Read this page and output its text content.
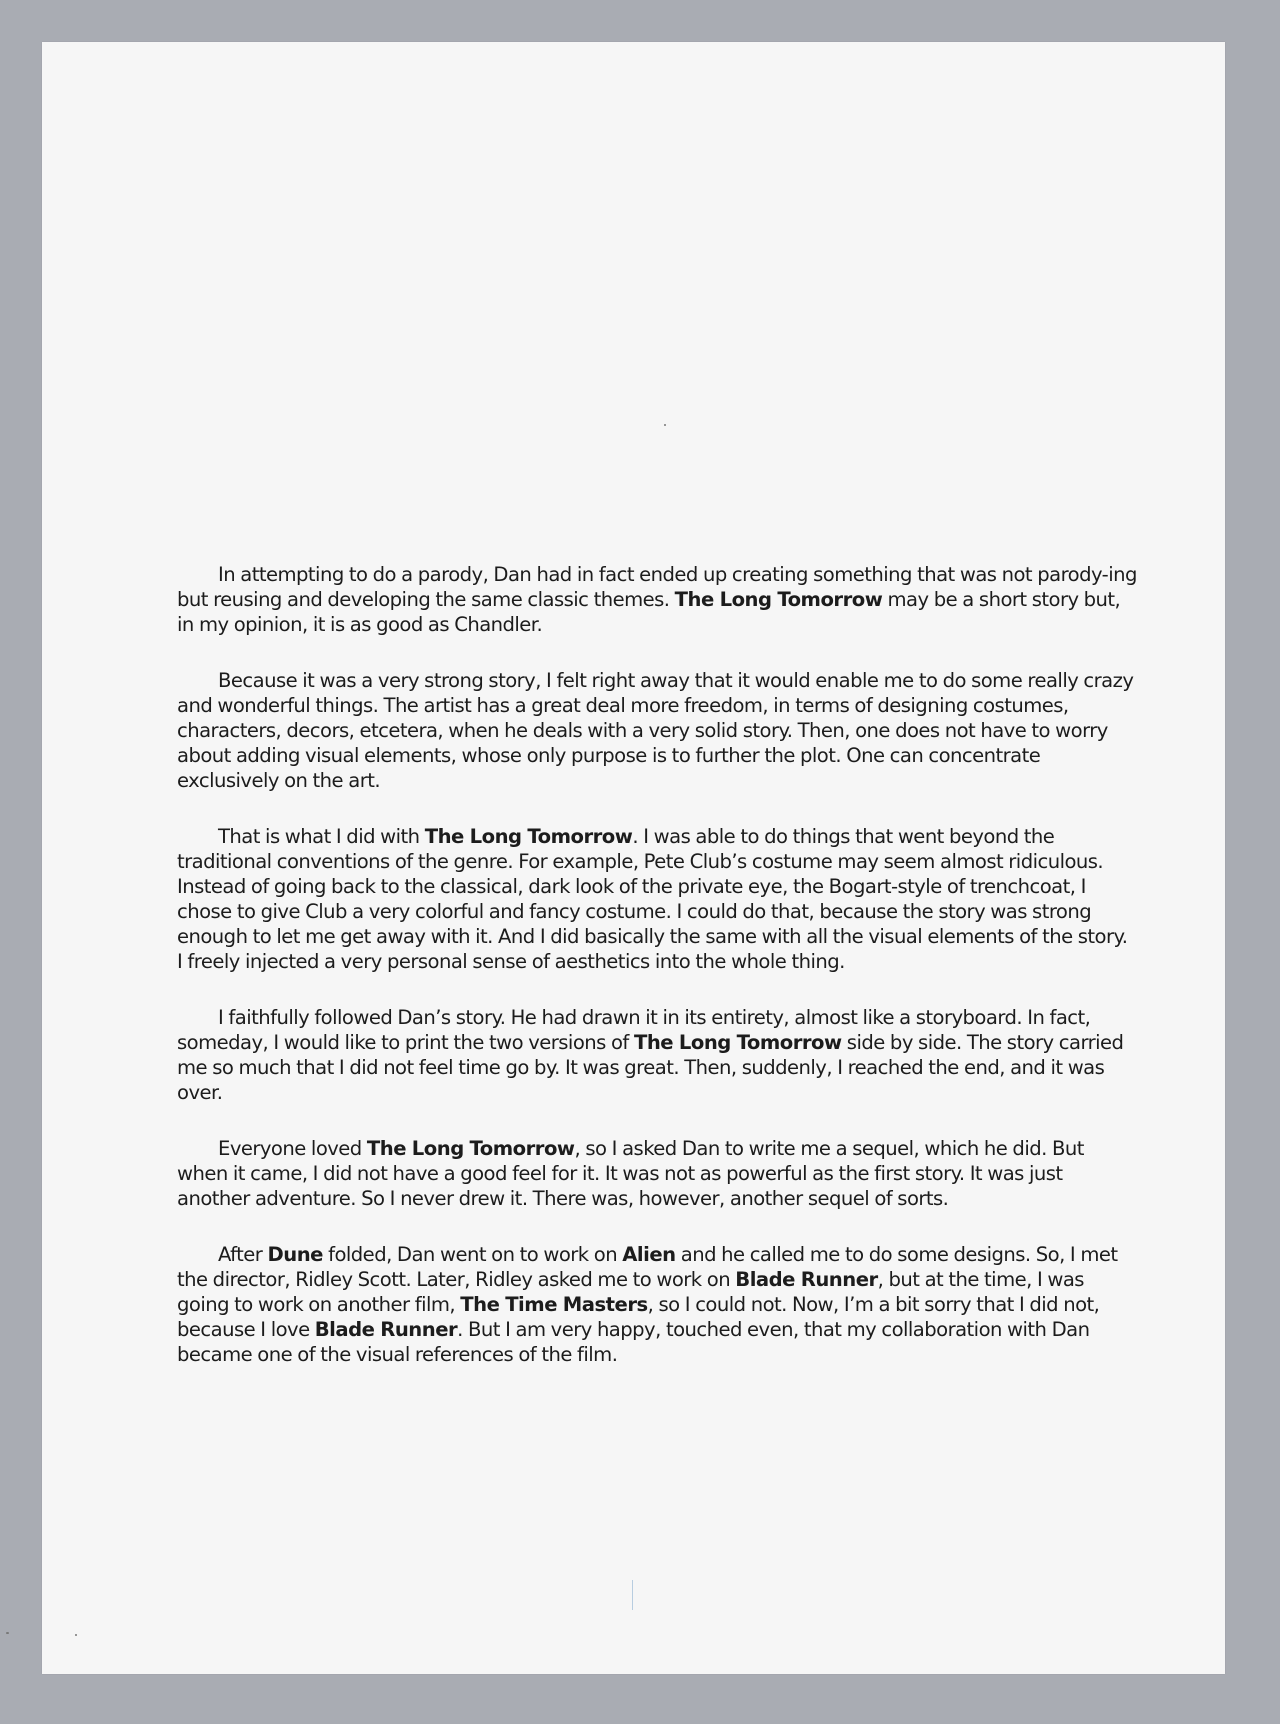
In attempting to do a parody, Dan had in fact ended up creating something that was not parody-ing but reusing and developing the same classic themes. The Long Tomorrow may be a short story but, in my opinion, it is as good as Chandler.

Because it was a very strong story, I felt right away that it would enable me to do some really crazy and wonderful things. The artist has a great deal more freedom, in terms of designing costumes, characters, decors, etcetera, when he deals with a very solid story. Then, one does not have to worry about adding visual elements, whose only purpose is to further the plot. One can concentrate exclusively on the art.

That is what I did with The Long Tomorrow. I was able to do things that went beyond the traditional conventions of the genre. For example, Pete Club’s costume may seem almost ridiculous. Instead of going back to the classical, dark look of the private eye, the Bogart-style of trenchcoat, I chose to give Club a very colorful and fancy costume. I could do that, because the story was strong enough to let me get away with it. And I did basically the same with all the visual elements of the story. I freely injected a very personal sense of aesthetics into the whole thing.

I faithfully followed Dan’s story. He had drawn it in its entirety, almost like a storyboard. In fact, someday, I would like to print the two versions of The Long Tomorrow side by side. The story carried me so much that I did not feel time go by. It was great. Then, suddenly, I reached the end, and it was over.

Everyone loved The Long Tomorrow, so I asked Dan to write me a sequel, which he did. But when it came, I did not have a good feel for it. It was not as powerful as the first story. It was just another adventure. So I never drew it. There was, however, another sequel of sorts.

After Dune folded, Dan went on to work on Alien and he called me to do some designs. So, I met the director, Ridley Scott. Later, Ridley asked me to work on Blade Runner, but at the time, I was going to work on another film, The Time Masters, so I could not. Now, I’m a bit sorry that I did not, because I love Blade Runner. But I am very happy, touched even, that my collaboration with Dan became one of the visual references of the film.
